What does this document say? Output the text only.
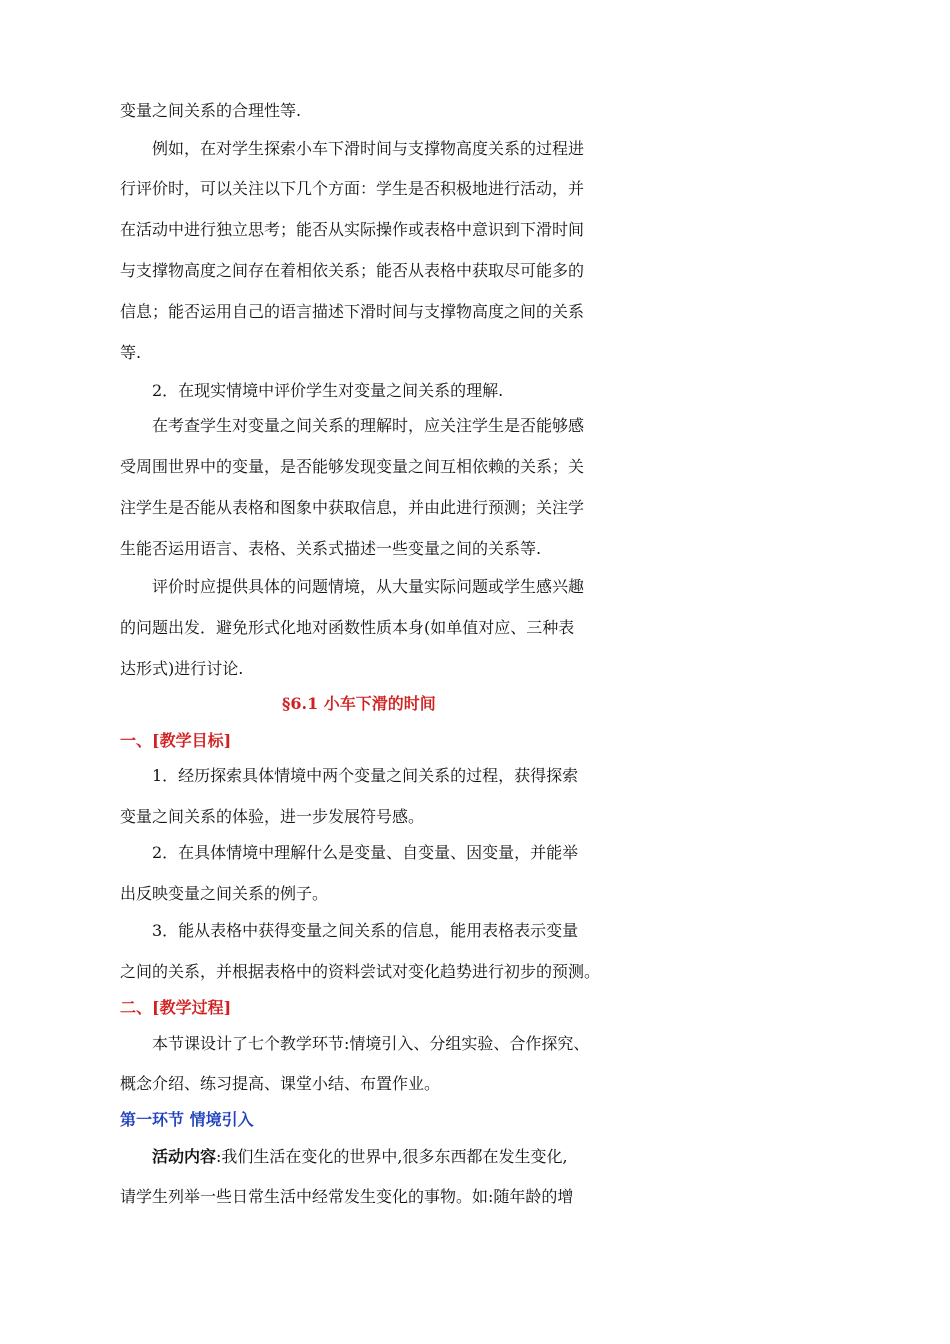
变量之间关系的合理性等.
例如，在对学生探索小车下滑时间与支撑物高度关系的过程进
行评价时，可以关注以下几个方面：学生是否积极地进行活动，并
在活动中进行独立思考；能否从实际操作或表格中意识到下滑时间
与支撑物高度之间存在着相依关系；能否从表格中获取尽可能多的
信息；能否运用自己的语言描述下滑时间与支撑物高度之间的关系
等.
2．在现实情境中评价学生对变量之间关系的理解.
在考查学生对变量之间关系的理解时，应关注学生是否能够感
受周围世界中的变量，是否能够发现变量之间互相依赖的关系；关
注学生是否能从表格和图象中获取信息，并由此进行预测；关注学
生能否运用语言、表格、关系式描述一些变量之间的关系等.
评价时应提供具体的问题情境，从大量实际问题或学生感兴趣
的问题出发．避免形式化地对函数性质本身(如单值对应、三种表
达形式)进行讨论.
§6.1 小车下滑的时间
一、[教学目标]
1．经历探索具体情境中两个变量之间关系的过程，获得探索
变量之间关系的体验，进一步发展符号感。
2．在具体情境中理解什么是变量、自变量、因变量，并能举
出反映变量之间关系的例子。
3．能从表格中获得变量之间关系的信息，能用表格表示变量
之间的关系，并根据表格中的资料尝试对变化趋势进行初步的预测。
二、[教学过程]
本节课设计了七个教学环节:情境引入、分组实验、合作探究、
概念介绍、练习提高、课堂小结、布置作业。
第一环节 情境引入
活动内容:我们生活在变化的世界中,很多东西都在发生变化,
请学生列举一些日常生活中经常发生变化的事物。如:随年龄的增
